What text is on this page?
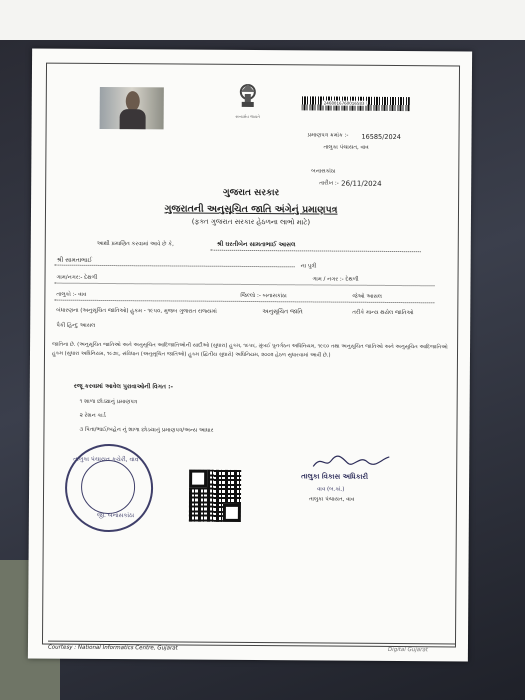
સત્યમેવ જયતે
2468016760016583
પ્રમાણપત્ર ક્રમાંક :- 16585/2024
તાલુકા પંચાયત, વાવ
બનાસકાંઠા
તારીખ :- 26/11/2024
ગુજરાત સરકાર
ગુજરાતની અનુસૂચિત જાતિ અંગેનું પ્રમાણપત્ર
(ફક્ત ગુજરાત સરકાર હેઠળના લાભો માટે)
આથી પ્રમાણિત કરવામાં આવે છે કે,	શ્રી ઘરતીબેન સામતાભાઈ આસલ
શ્રી સામતાભાઈ
ના પુત્રી
ગામ/નગર:- દેથળી	ગામ / નગર :- દેથળી
તાલુકો :- વાવ	જિલ્લો :- બનાસકાંઠા	જેઓ આસલ
બંધારણના (અનુસૂચિત જાતિઓ) હુકમ - ૧૯૫૦, મુજબ ગુજરાત રાજ્યમાં	અનુસૂચિત જાતિ	તરીકે માન્ય થયેલ જાતિઓ
પૈકી હિન્દુ આસલ
જાતિના છે. (અનુસૂચિત જાતિઓ અને અનુસૂચિત આદિજાતિઓની યાદીઓ (સુધારા) હુકમ, ૧૯૫૬, મુંબઈ પુનર્ગઠન અધિનિયમ, ૧૯૬૦ તથા અનુસૂચિત જાતિઓ અને અનુસૂચિત આદિજાતિઓ હુકમ (સુધારા અધિનિયમ, ૧૯૭૬, સંવિધાન (અનુસૂચિત જાતિઓ) હુકમ (દ્વિતીય સુધારો) અધિનિયમ, ૨૦૦૨ હેઠળ સુધારવામાં આવી છે.)
રજૂ કરવામાં આવેલ પુરાવાઓની વિગત :-
૧ શાળા છોડ્યાનું પ્રમાણપત્ર
૨ રેશન કાર્ડ
૩ પિતા/ભાઈ/બહેન નું શાળા છોડયાનું પ્રમાણપત્ર/અન્ય આધાર
તાલુકા પંચાયત કચેરી, વાવ
જી. બનાસકાંઠા
તાલુકા વિકાસ અધિકારી
વાવ (બ.કાં.)
તાલુકા પંચાયત, વાવ
Courtesy : National Informatics Centre, Gujarat	Digital Gujarat
